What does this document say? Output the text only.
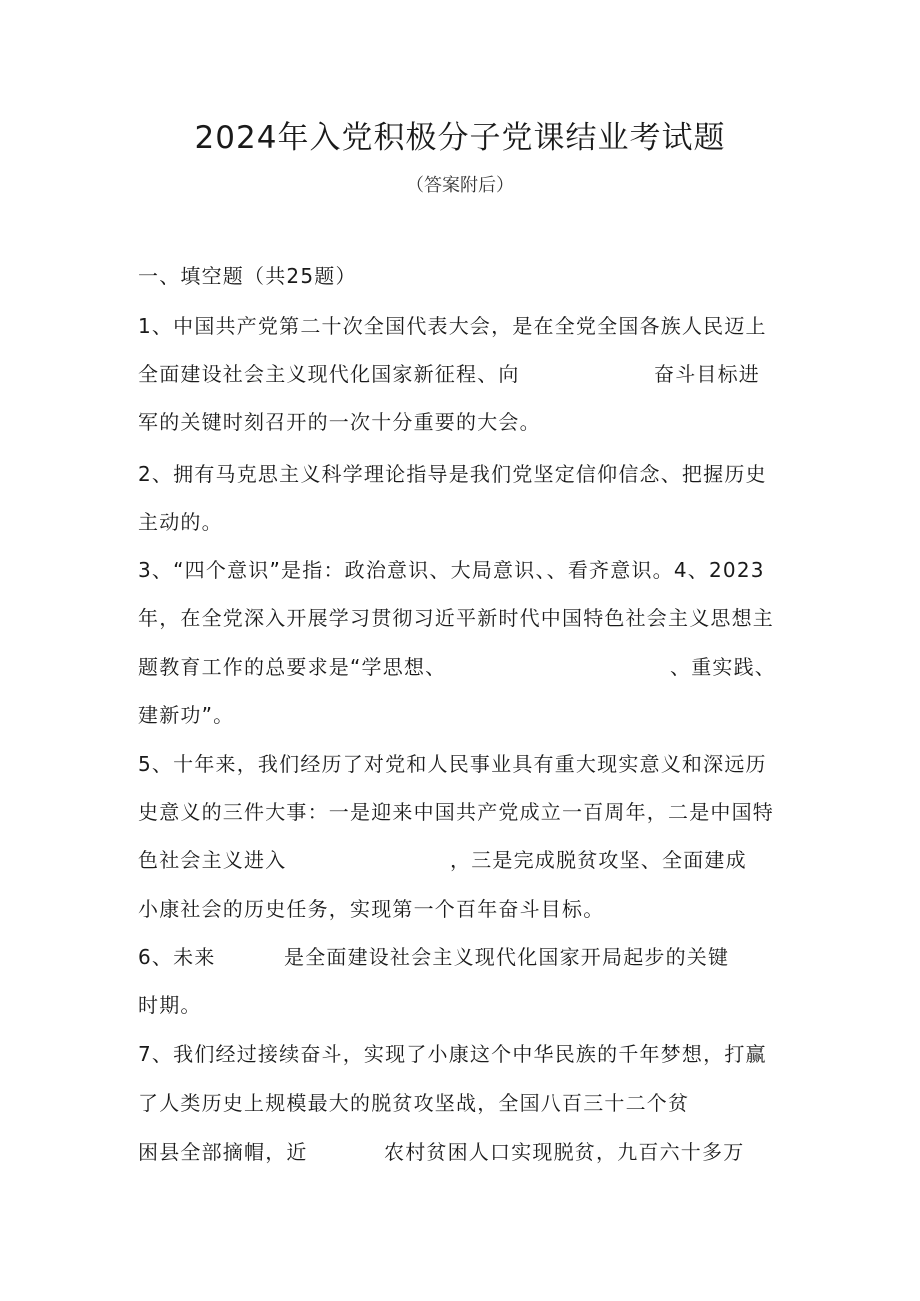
2024年入党积极分子党课结业考试题
（答案附后）
一、填空题（共25题）
1、中国共产党第二十次全国代表大会，是在全党全国各族人民迈上
全面建设社会主义现代化国家新征程、向	奋斗目标进
军的关键时刻召开的一次十分重要的大会。
2、拥有马克思主义科学理论指导是我们党坚定信仰信念、把握历史
主动的。
3、“四个意识”是指：政治意识、大局意识、、看齐意识。4、2023
年，在全党深入开展学习贯彻习近平新时代中国特色社会主义思想主
题教育工作的总要求是“学思想、	、重实践、
建新功”。
5、十年来，我们经历了对党和人民事业具有重大现实意义和深远历
史意义的三件大事：一是迎来中国共产党成立一百周年，二是中国特
色社会主义进入	，三是完成脱贫攻坚、全面建成
小康社会的历史任务，实现第一个百年奋斗目标。
6、未来	是全面建设社会主义现代化国家开局起步的关键
时期。
7、我们经过接续奋斗，实现了小康这个中华民族的千年梦想，打赢
了人类历史上规模最大的脱贫攻坚战，全国八百三十二个贫
困县全部摘帽，近	农村贫困人口实现脱贫，九百六十多万
